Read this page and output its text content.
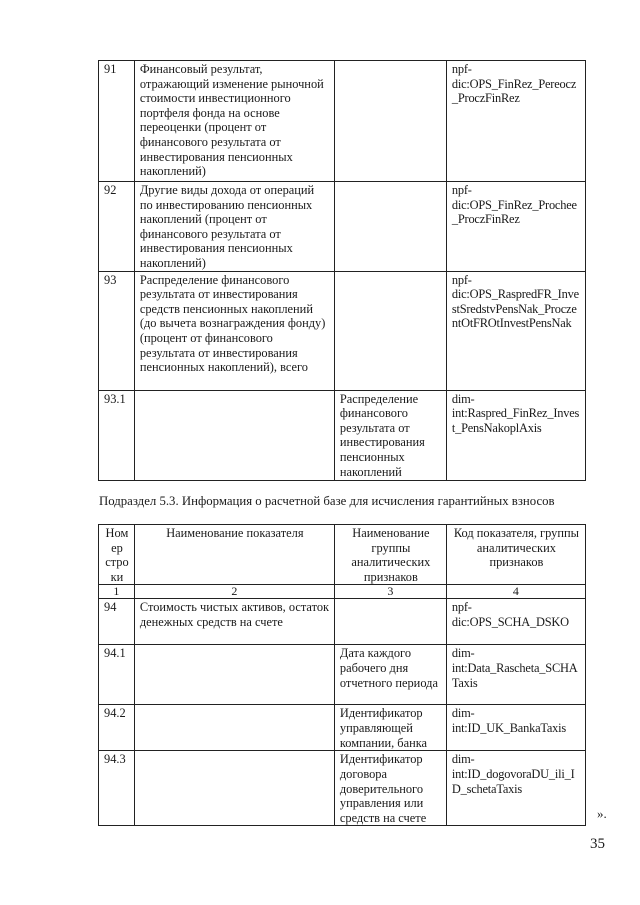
91	Финансовый результат, отражающий изменение рыночной стоимости инвестиционного портфеля фонда на основе переоценки (процент от финансового результата от инвестирования пенсионных накоплений)		npf-dic:OPS_FinRez_Pereocz_ProczFinRez
92	Другие виды дохода от операций по инвестированию пенсионных накоплений (процент от финансового результата от инвестирования пенсионных накоплений)		npf-dic:OPS_FinRez_Prochee_ProczFinRez
93	Распределение финансового результата от инвестирования средств пенсионных накоплений (до вычета вознаграждения фонду) (процент от финансового результата от инвестирования пенсионных накоплений), всего		npf-dic:OPS_RaspredFR_InvestSredstvPensNak_ProczentOtFROtInvestPensNak
93.1		Распределение финансового результата от инвестирования пенсионных накоплений	dim-int:Raspred_FinRez_Invest_PensNakoplAxis
Подраздел 5.3. Информация о расчетной базе для исчисления гарантийных взносов
Номер строки	Наименование показателя	Наименование группы аналитических признаков	Код показателя, группы аналитических признаков
1	2	3	4
94	Стоимость чистых активов, остаток денежных средств на счете		npf-dic:OPS_SCHA_DSKO
94.1		Дата каждого рабочего дня отчетного периода	dim-int:Data_Rascheta_SCHATaxis
94.2		Идентификатор управляющей компании, банка	dim-int:ID_UK_BankaTaxis
94.3		Идентификатор договора доверительного управления или средств на счете	dim-int:ID_dogovoraDU_ili_ID_schetaTaxis
».
35
